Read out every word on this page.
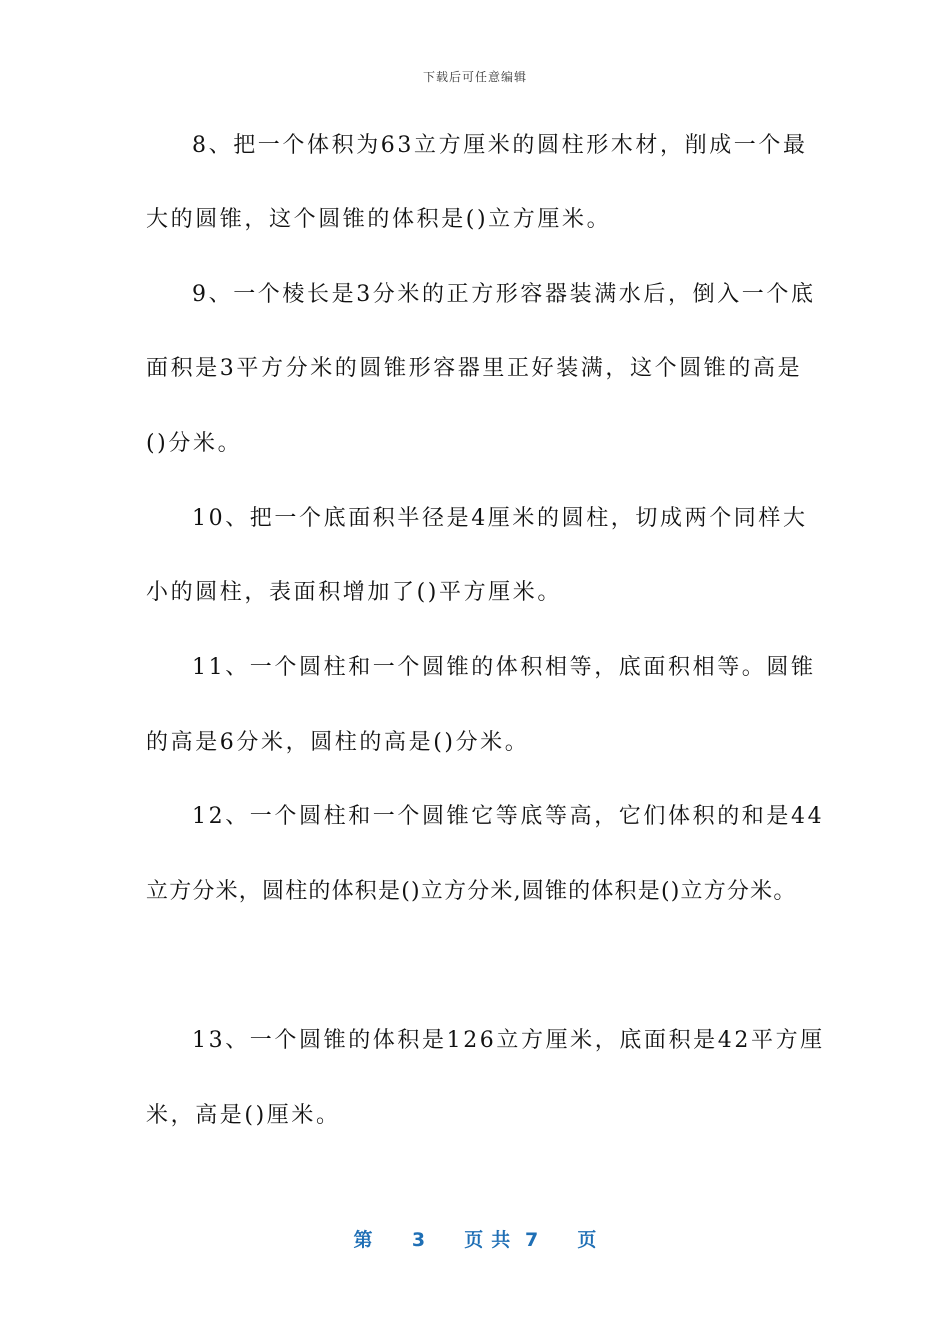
下载后可任意编辑
8、把一个体积为63立方厘米的圆柱形木材，削成一个最
大的圆锥，这个圆锥的体积是()立方厘米。
9、一个棱长是3分米的正方形容器装满水后，倒入一个底
面积是3平方分米的圆锥形容器里正好装满，这个圆锥的高是
()分米。
10、把一个底面积半径是4厘米的圆柱，切成两个同样大
小的圆柱，表面积增加了()平方厘米。
11、一个圆柱和一个圆锥的体积相等，底面积相等。圆锥
的高是6分米，圆柱的高是()分米。
12、一个圆柱和一个圆锥它等底等高，它们体积的和是44
立方分米，圆柱的体积是()立方分米,圆锥的体积是()立方分米。
13、一个圆锥的体积是126立方厘米，底面积是42平方厘
米，高是()厘米。
第 3 页共 7 页
